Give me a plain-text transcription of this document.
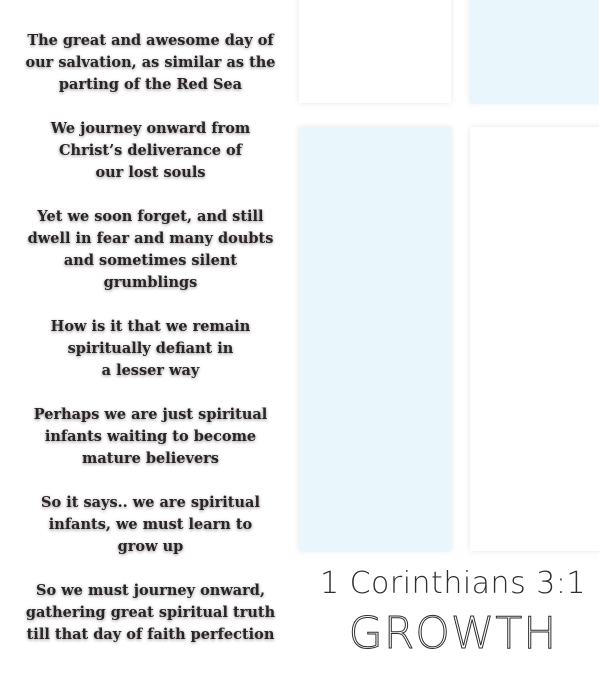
The great and awesome day of
our salvation, as similar as the
parting of the Red Sea
We journey onward from
Christ’s deliverance of
our lost souls
Yet we soon forget, and still
dwell in fear and many doubts
and sometimes silent
grumblings
How is it that we remain
spiritually defiant in
a lesser way
Perhaps we are just spiritual
infants waiting to become
mature believers
So it says.. we are spiritual
infants, we must learn to
grow up
So we must journey onward,
gathering great spiritual truth
till that day of faith perfection
1 Corinthians 3:1
GROWTH
